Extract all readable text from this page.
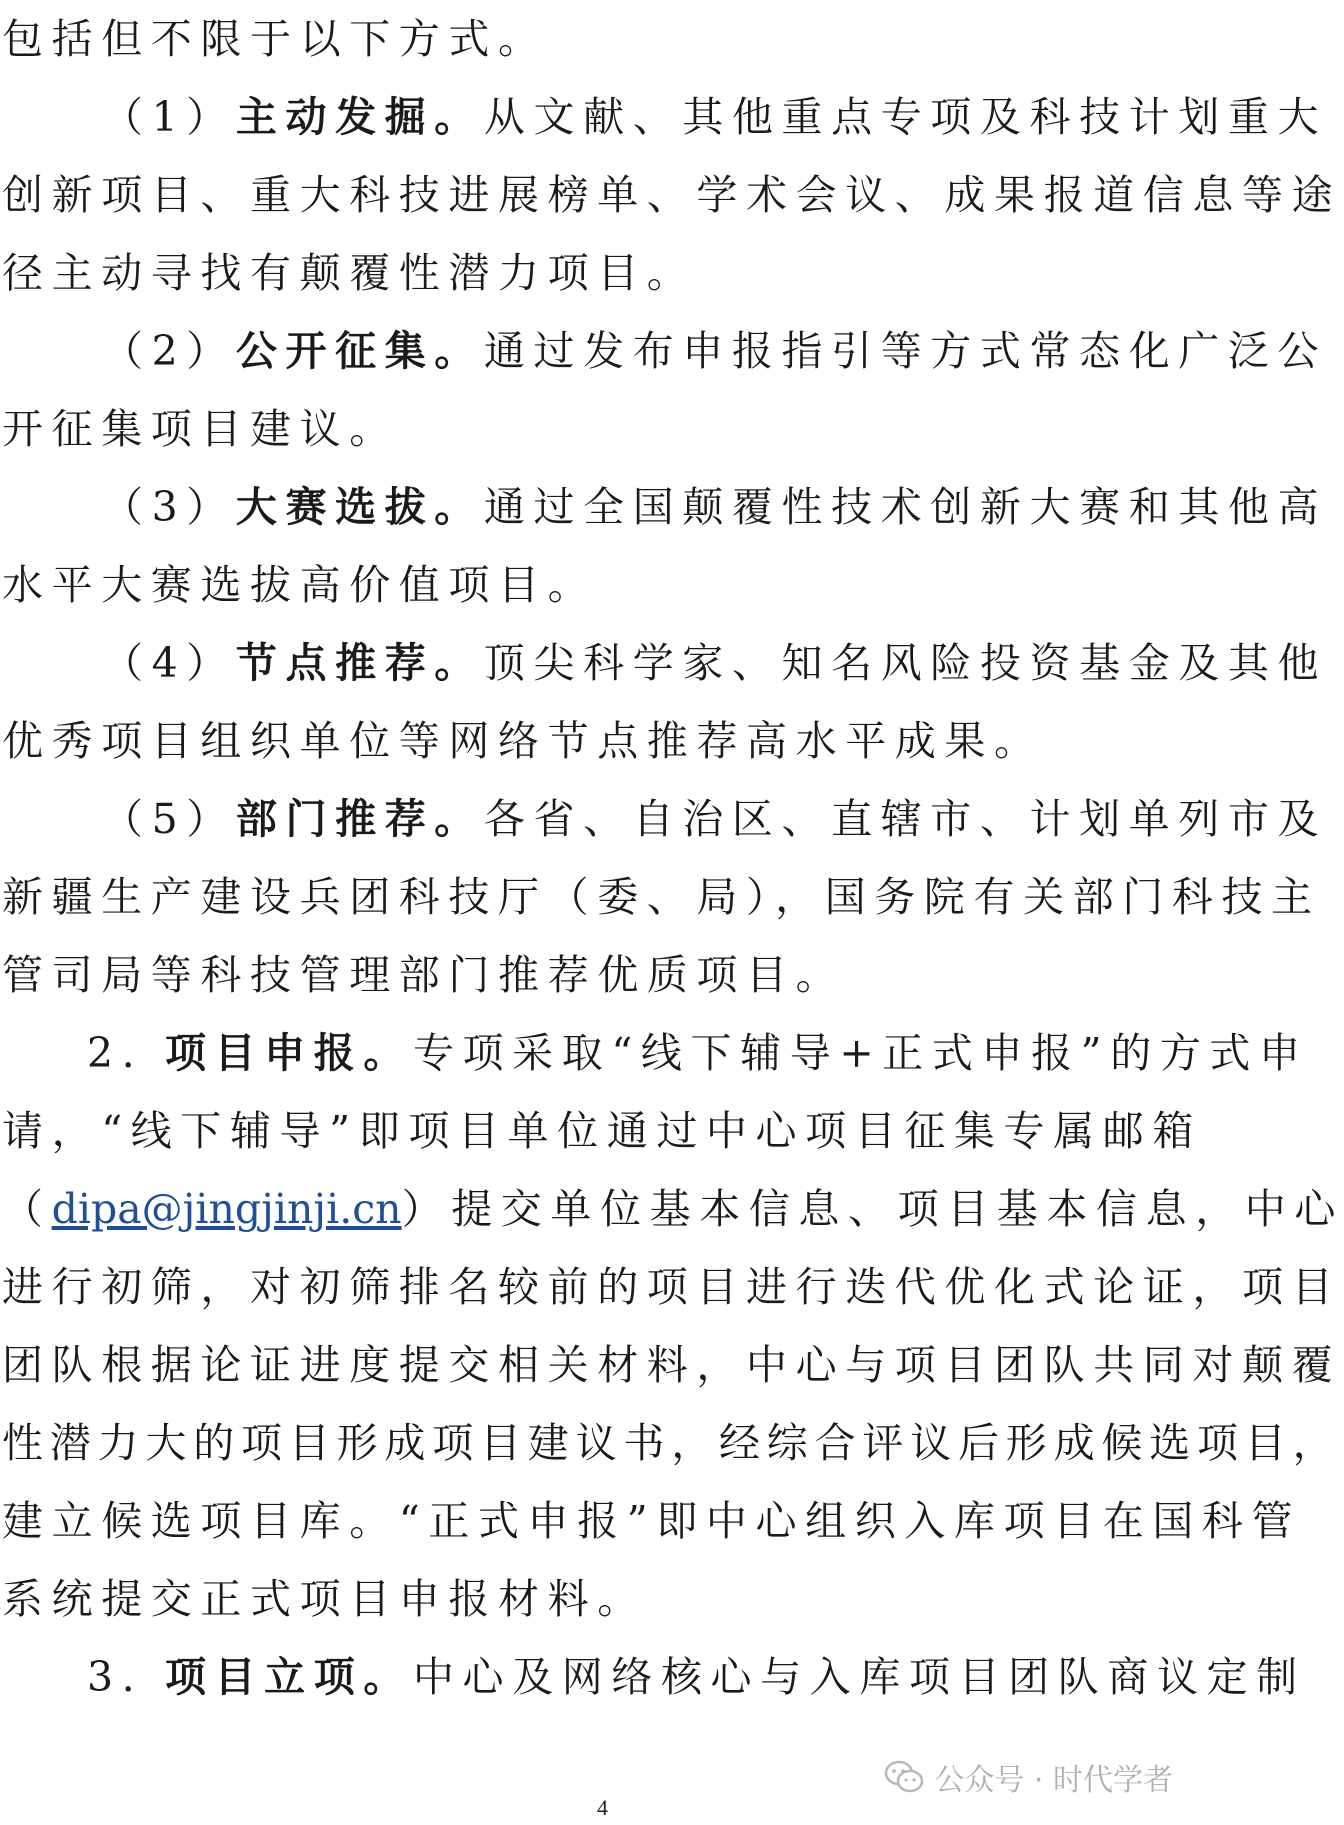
包括但不限于以下方式。
（1）主动发掘。从文献、其他重点专项及科技计划重大
创新项目、重大科技进展榜单、学术会议、成果报道信息等途
径主动寻找有颠覆性潜力项目。
（2）公开征集。通过发布申报指引等方式常态化广泛公
开征集项目建议。
（3）大赛选拔。通过全国颠覆性技术创新大赛和其他高
水平大赛选拔高价值项目。
（4）节点推荐。顶尖科学家、知名风险投资基金及其他
优秀项目组织单位等网络节点推荐高水平成果。
（5）部门推荐。各省、自治区、直辖市、计划单列市及
新疆生产建设兵团科技厅（委、局），国务院有关部门科技主
管司局等科技管理部门推荐优质项目。
2. 项目申报。专项采取“线下辅导+正式申报”的方式申
请，“线下辅导”即项目单位通过中心项目征集专属邮箱
（dipa@jingjinji.cn）提交单位基本信息、项目基本信息，中心
进行初筛，对初筛排名较前的项目进行迭代优化式论证，项目
团队根据论证进度提交相关材料，中心与项目团队共同对颠覆
性潜力大的项目形成项目建议书，经综合评议后形成候选项目，
建立候选项目库。“正式申报”即中心组织入库项目在国科管
系统提交正式项目申报材料。
3. 项目立项。中心及网络核心与入库项目团队商议定制
公众号 · 时代学者
4
